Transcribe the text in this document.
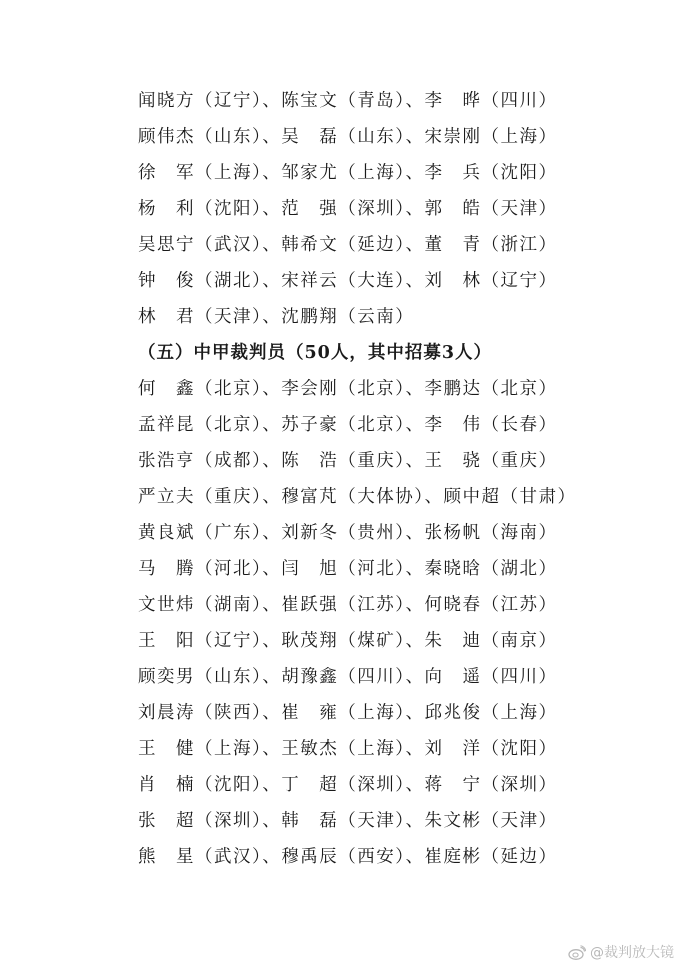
闻晓方（辽宁）、陈宝文（青岛）、李　晔（四川）
顾伟杰（山东）、吴　磊（山东）、宋崇刚（上海）
徐　军（上海）、邹家尤（上海）、李　兵（沈阳）
杨　利（沈阳）、范　强（深圳）、郭　皓（天津）
吴思宁（武汉）、韩希文（延边）、董　青（浙江）
钟　俊（湖北）、宋祥云（大连）、刘　林（辽宁）
林　君（天津）、沈鹏翔（云南）
（五）中甲裁判员（50人，其中招募3人）
何　鑫（北京）、李会刚（北京）、李鹏达（北京）
孟祥昆（北京）、苏子豪（北京）、李　伟（长春）
张浩亨（成都）、陈　浩（重庆）、王　骁（重庆）
严立夫（重庆）、穆富芃（大体协）、顾中超（甘肃）
黄良斌（广东）、刘新冬（贵州）、张杨帆（海南）
马　腾（河北）、闫　旭（河北）、秦晓晗（湖北）
文世炜（湖南）、崔跃强（江苏）、何晓春（江苏）
王　阳（辽宁）、耿茂翔（煤矿）、朱　迪（南京）
顾奕男（山东）、胡豫鑫（四川）、向　遥（四川）
刘晨涛（陕西）、崔　雍（上海）、邱兆俊（上海）
王　健（上海）、王敏杰（上海）、刘　洋（沈阳）
肖　楠（沈阳）、丁　超（深圳）、蒋　宁（深圳）
张　超（深圳）、韩　磊（天津）、朱文彬（天津）
熊　星（武汉）、穆禹辰（西安）、崔庭彬（延边）
@裁判放大镜
